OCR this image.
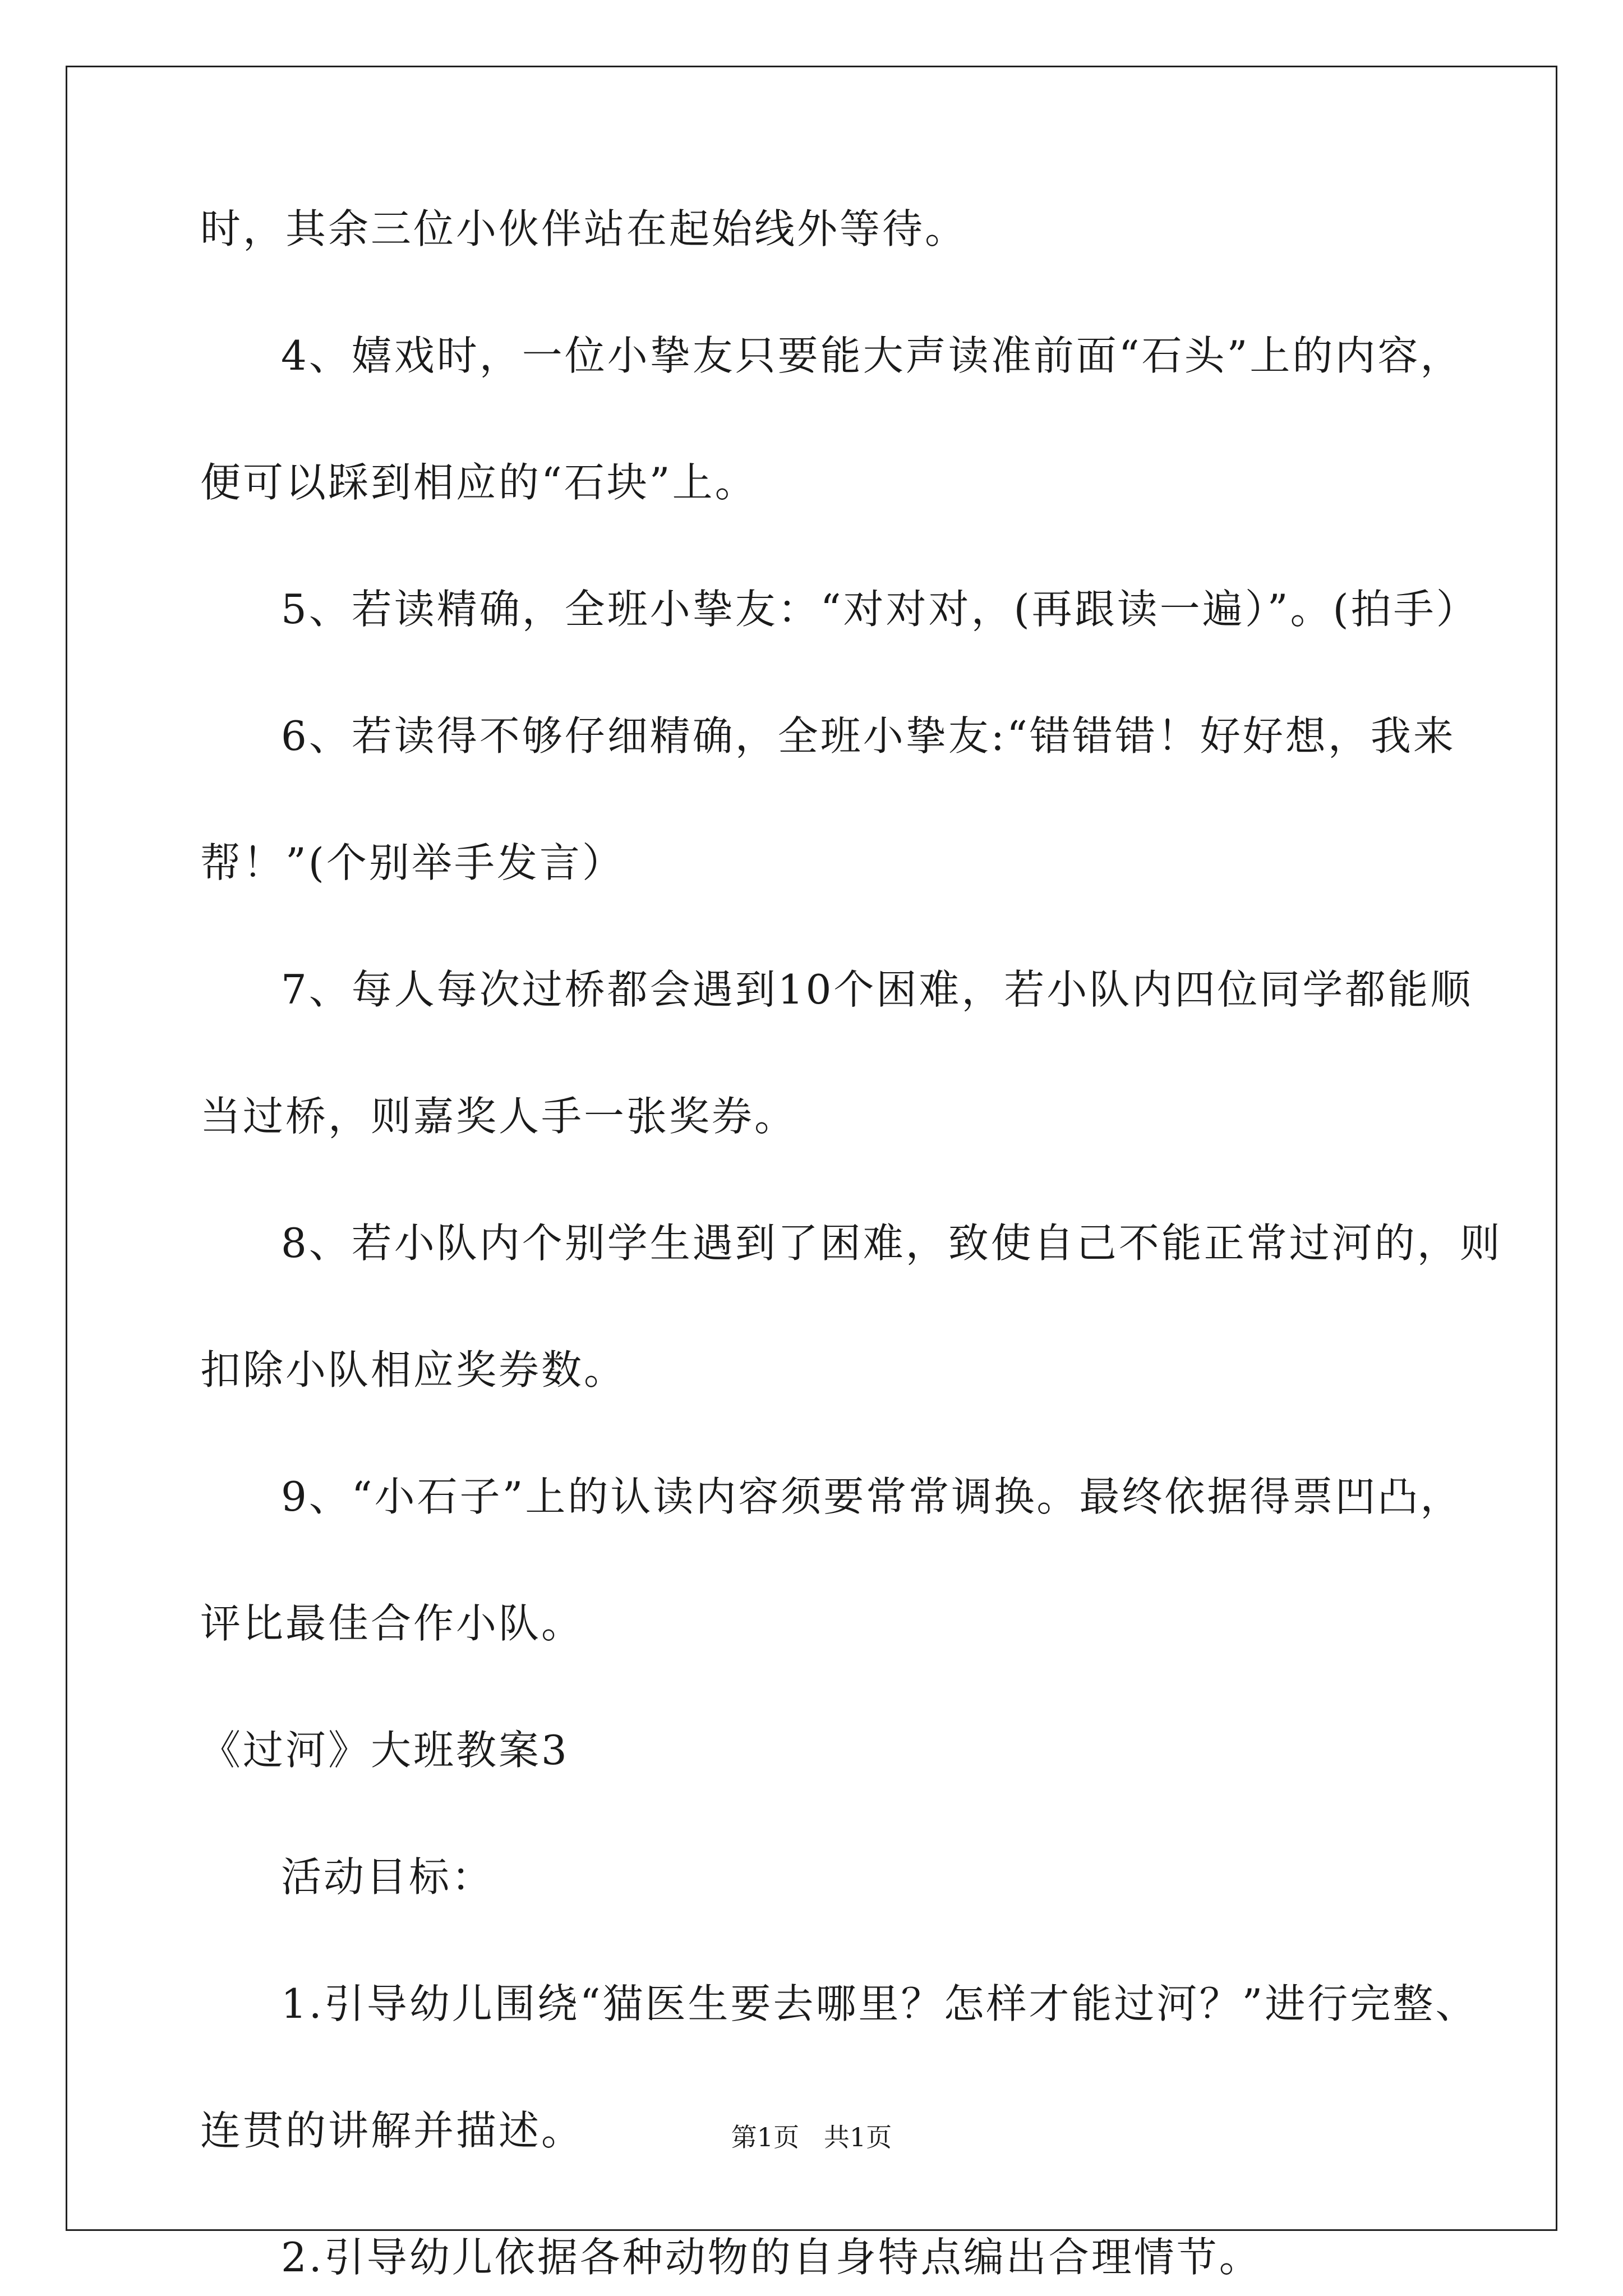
时，其余三位小伙伴站在起始线外等待。
4、嬉戏时，一位小挚友只要能大声读准前面“石头”上的内容，
便可以踩到相应的“石块”上。
5、若读精确，全班小挚友：“对对对，(再跟读一遍）”。(拍手）
6、若读得不够仔细精确，全班小挚友:“错错错！好好想，我来
帮！”(个别举手发言）
7、每人每次过桥都会遇到10个困难，若小队内四位同学都能顺
当过桥，则嘉奖人手一张奖券。
8、若小队内个别学生遇到了困难，致使自己不能正常过河的，则
扣除小队相应奖券数。
9、“小石子”上的认读内容须要常常调换。最终依据得票凹凸，
评比最佳合作小队。
《过河》大班教案3
活动目标：
1.引导幼儿围绕“猫医生要去哪里？怎样才能过河？”进行完整、
连贯的讲解并描述。
2.引导幼儿依据各种动物的自身特点编出合理情节。
第1页   共1页
